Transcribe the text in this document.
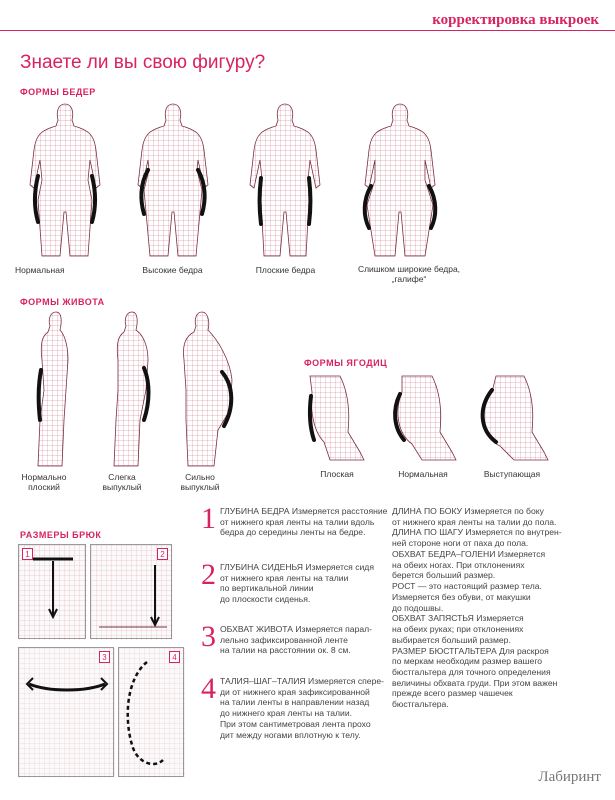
корректировка выкроек
Знаете ли вы свою фигуру?
ФОРМЫ БЕДЕР
Нормальная	Высокие бедра	Плоские бедра	Слишком широкие бедра, „галифе“
ФОРМЫ ЖИВОТА
Нормально плоский
Слегка выпуклый
Сильно выпуклый
ФОРМЫ ЯГОДИЦ
Плоская	Нормальная	Выступающая
РАЗМЕРЫ БРЮК
1	2
3	4
1 ГЛУБИНА БЕДРА Измеряется расстояние
от нижнего края ленты на талии вдоль
бедра до середины ленты на бедре.
2 ГЛУБИНА СИДЕНЬЯ Измеряется сидя
от нижнего края ленты на талии
по вертикальной линии
до плоскости сиденья.
3 ОБХВАТ ЖИВОТА Измеряется парал-
лельно зафиксированной ленте
на талии на расстоянии ок. 8 см.
4 ТАЛИЯ–ШАГ–ТАЛИЯ Измеряется спере-
ди от нижнего края зафиксированной
на талии ленты в направлении назад
до нижнего края ленты на талии.
При этом сантиметровая лента прохо
дит между ногами вплотную к телу.
ДЛИНА ПО БОКУ Измеряется по боку
от нижнего края ленты на талии до пола.
ДЛИНА ПО ШАГУ Измеряется по внутрен-
ней стороне ноги от паха до пола.
ОБХВАТ БЕДРА–ГОЛЕНИ Измеряется
на обеих ногах. При отклонениях
берется больший размер.
РОСТ — это настоящий размер тела.
Измеряется без обуви, от макушки
до подошвы.
ОБХВАТ ЗАПЯСТЬЯ Измеряется
на обеих руках; при отклонениях
выбирается больший размер.
РАЗМЕР БЮСТГАЛЬТЕРА Для раскроя
по меркам необходим размер вашего
бюстгальтера для точного определения
величины обхвата груди. При этом важен
прежде всего размер чашечек
бюстгальтера.
Лабиринт
